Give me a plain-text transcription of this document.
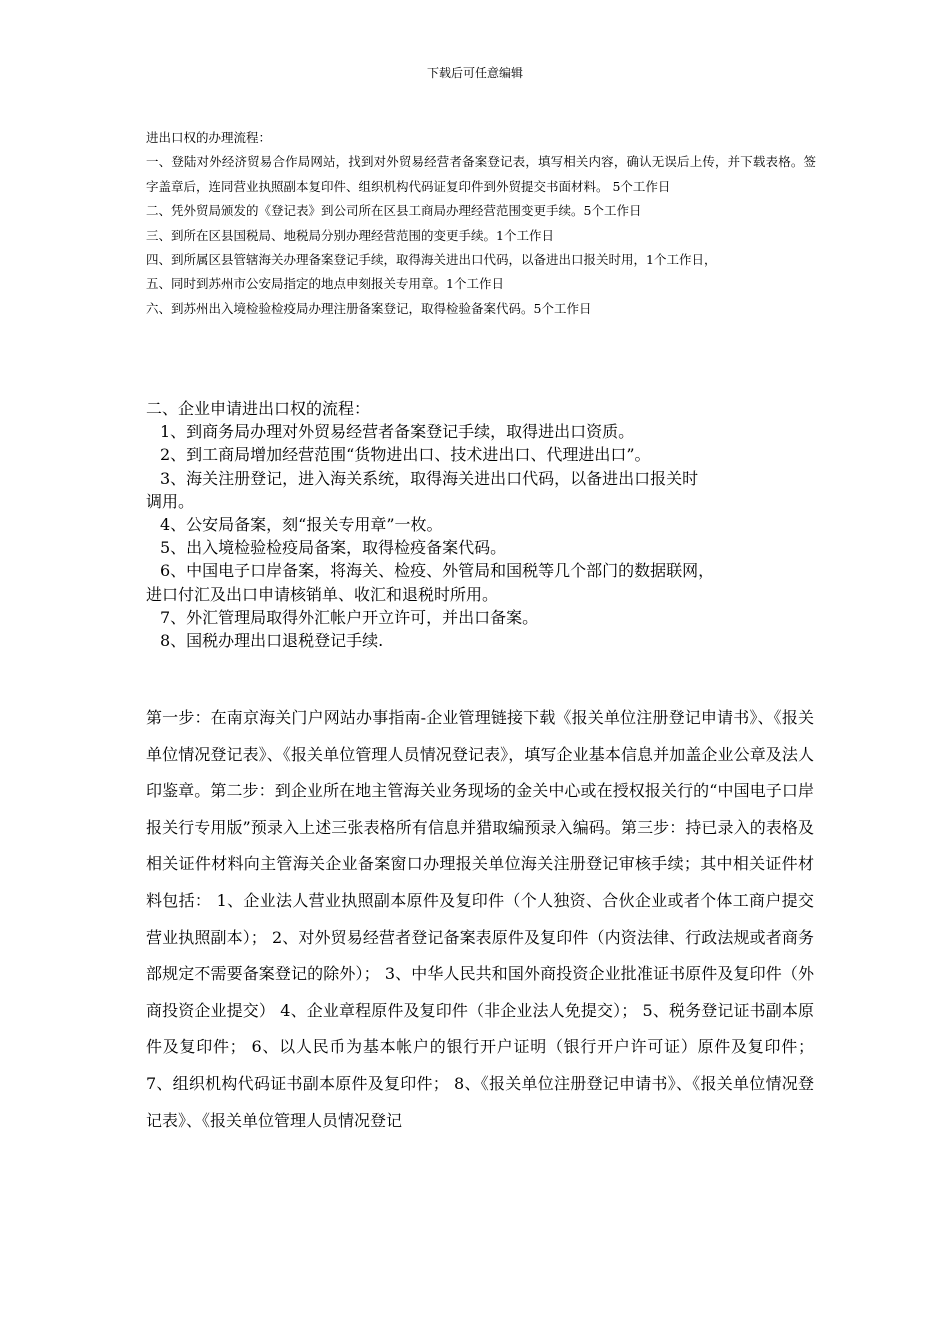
下载后可任意编辑

进出口权的办理流程：

一、登陆对外经济贸易合作局网站，找到对外贸易经营者备案登记表，填写相关内容，确认无误后上传，并下载表格。签字盖章后，连同营业执照副本复印件、组织机构代码证复印件到外贸提交书面材料。 5个工作日

二、凭外贸局颁发的《登记表》到公司所在区县工商局办理经营范围变更手续。5个工作日

三、到所在区县国税局、地税局分别办理经营范围的变更手续。1个工作日

四、到所属区县管辖海关办理备案登记手续，取得海关进出口代码，以备进出口报关时用，1个工作日，

五、同时到苏州市公安局指定的地点申刻报关专用章。1个工作日

六、到苏州出入境检验检疫局办理注册备案登记，取得检验备案代码。5个工作日

二、企业申请进出口权的流程：

1、到商务局办理对外贸易经营者备案登记手续，取得进出口资质。

2、到工商局增加经营范围“货物进出口、技术进出口、代理进出口”。

3、海关注册登记，进入海关系统，取得海关进出口代码，以备进出口报关时

调用。

4、公安局备案，刻“报关专用章”一枚。

5、出入境检验检疫局备案，取得检疫备案代码。

6、中国电子口岸备案，将海关、检疫、外管局和国税等几个部门的数据联网，

进口付汇及出口申请核销单、收汇和退税时所用。

7、外汇管理局取得外汇帐户开立许可，并出口备案。

8、国税办理出口退税登记手续.

第一步：在南京海关门户网站办事指南-企业管理链接下载《报关单位注册登记申请书》、《报关单位情况登记表》、《报关单位管理人员情况登记表》，填写企业基本信息并加盖企业公章及法人印鉴章。第二步：到企业所在地主管海关业务现场的金关中心或在授权报关行的“中国电子口岸报关行专用版”预录入上述三张表格所有信息并猎取编预录入编码。第三步：持已录入的表格及相关证件材料向主管海关企业备案窗口办理报关单位海关注册登记审核手续；其中相关证件材料包括： 1、企业法人营业执照副本原件及复印件（个人独资、合伙企业或者个体工商户提交营业执照副本）； 2、对外贸易经营者登记备案表原件及复印件（内资法律、行政法规或者商务部规定不需要备案登记的除外）； 3、中华人民共和国外商投资企业批准证书原件及复印件（外商投资企业提交） 4、企业章程原件及复印件（非企业法人免提交）； 5、税务登记证书副本原件及复印件； 6、以人民币为基本帐户的银行开户证明（银行开户许可证）原件及复印件； 7、组织机构代码证书副本原件及复印件； 8、《报关单位注册登记申请书》、《报关单位情况登记表》、《报关单位管理人员情况登记
